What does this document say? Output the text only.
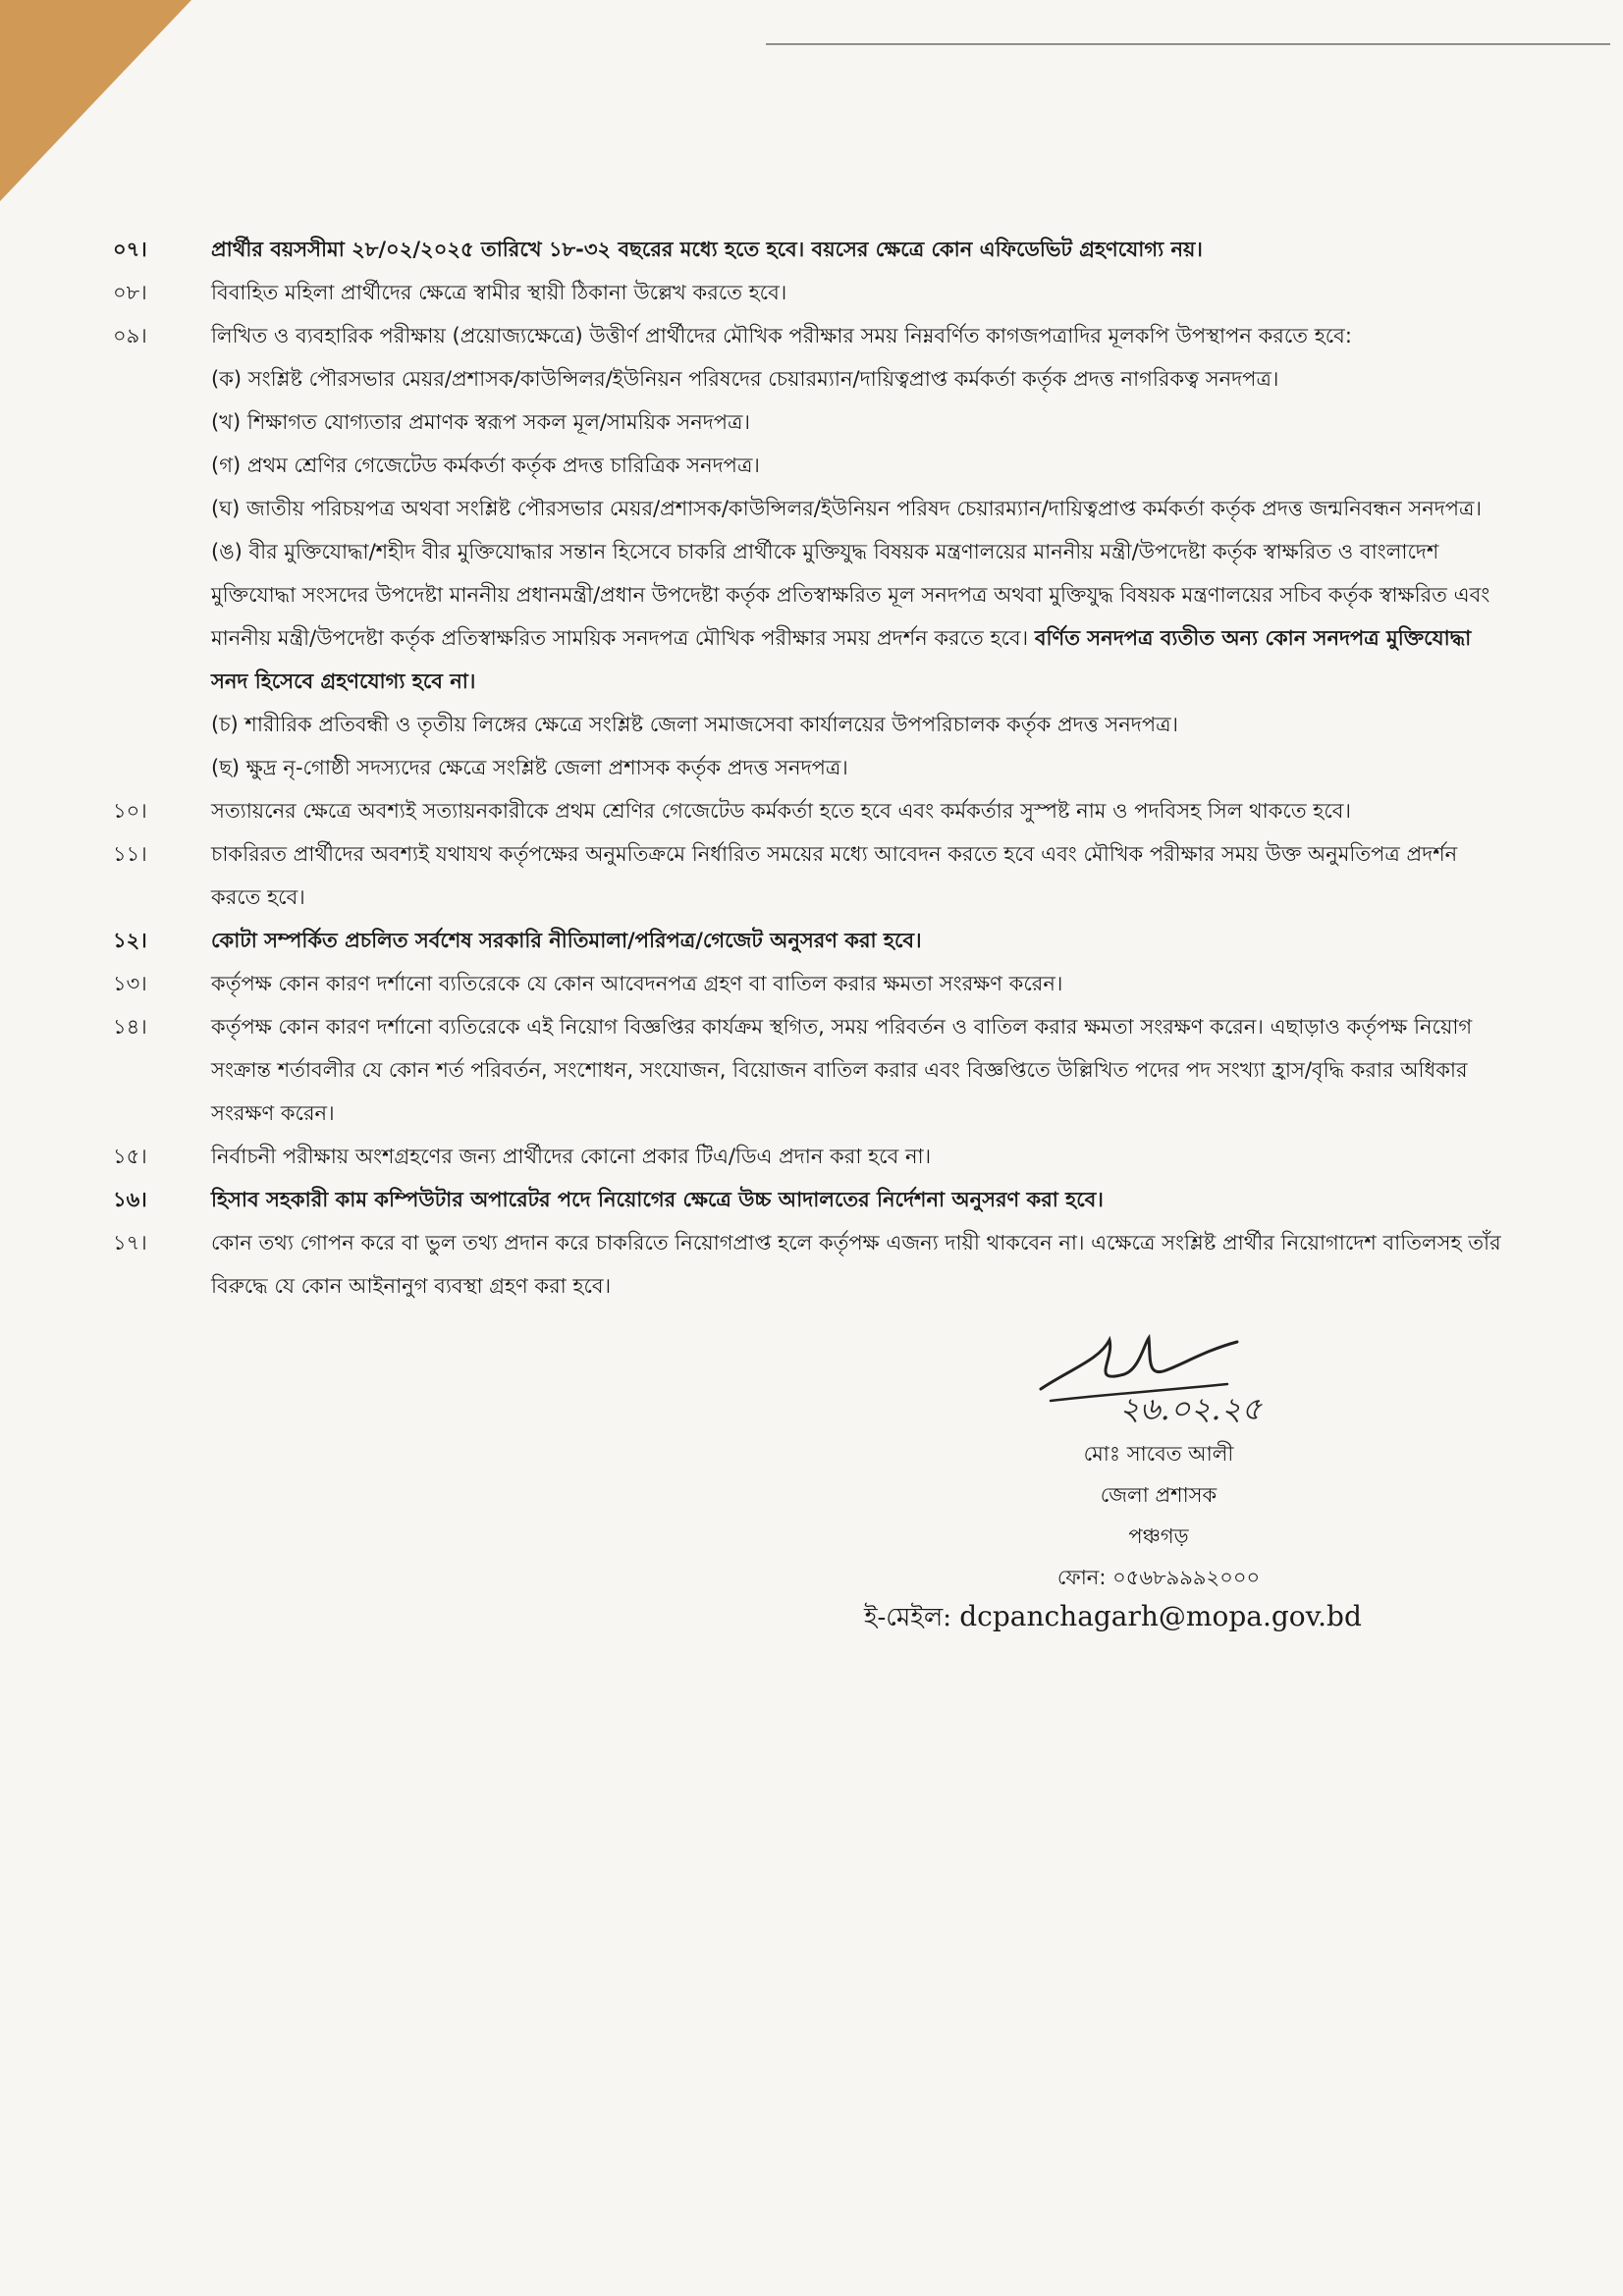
০৭।	প্রার্থীর বয়সসীমা ২৮/০২/২০২৫ তারিখে ১৮-৩২ বছরের মধ্যে হতে হবে। বয়সের ক্ষেত্রে কোন এফিডেভিট গ্রহণযোগ্য নয়।
০৮।	বিবাহিত মহিলা প্রার্থীদের ক্ষেত্রে স্বামীর স্থায়ী ঠিকানা উল্লেখ করতে হবে।
০৯।	লিখিত ও ব্যবহারিক পরীক্ষায় (প্রয়োজ্যক্ষেত্রে) উত্তীর্ণ প্রার্থীদের মৌখিক পরীক্ষার সময় নিম্নবর্ণিত কাগজপত্রাদির মূলকপি উপস্থাপন করতে হবে:
(ক) সংশ্লিষ্ট পৌরসভার মেয়র/প্রশাসক/কাউন্সিলর/ইউনিয়ন পরিষদের চেয়ারম্যান/দায়িত্বপ্রাপ্ত কর্মকর্তা কর্তৃক প্রদত্ত নাগরিকত্ব সনদপত্র।
(খ) শিক্ষাগত যোগ্যতার প্রমাণক স্বরূপ সকল মূল/সাময়িক সনদপত্র।
(গ) প্রথম শ্রেণির গেজেটেড কর্মকর্তা কর্তৃক প্রদত্ত চারিত্রিক সনদপত্র।
(ঘ) জাতীয় পরিচয়পত্র অথবা সংশ্লিষ্ট পৌরসভার মেয়র/প্রশাসক/কাউন্সিলর/ইউনিয়ন পরিষদ চেয়ারম্যান/দায়িত্বপ্রাপ্ত কর্মকর্তা কর্তৃক প্রদত্ত জন্মনিবন্ধন সনদপত্র।
(ঙ) বীর মুক্তিযোদ্ধা/শহীদ বীর মুক্তিযোদ্ধার সন্তান হিসেবে চাকরি প্রার্থীকে মুক্তিযুদ্ধ বিষয়ক মন্ত্রণালয়ের মাননীয় মন্ত্রী/উপদেষ্টা কর্তৃক স্বাক্ষরিত ও বাংলাদেশ মুক্তিযোদ্ধা সংসদের উপদেষ্টা মাননীয় প্রধানমন্ত্রী/প্রধান উপদেষ্টা কর্তৃক প্রতিস্বাক্ষরিত মূল সনদপত্র অথবা মুক্তিযুদ্ধ বিষয়ক মন্ত্রণালয়ের সচিব কর্তৃক স্বাক্ষরিত এবং মাননীয় মন্ত্রী/উপদেষ্টা কর্তৃক প্রতিস্বাক্ষরিত সাময়িক সনদপত্র মৌখিক পরীক্ষার সময় প্রদর্শন করতে হবে। বর্ণিত সনদপত্র ব্যতীত অন্য কোন সনদপত্র মুক্তিযোদ্ধা সনদ হিসেবে গ্রহণযোগ্য হবে না।
(চ) শারীরিক প্রতিবন্ধী ও তৃতীয় লিঙ্গের ক্ষেত্রে সংশ্লিষ্ট জেলা সমাজসেবা কার্যালয়ের উপপরিচালক কর্তৃক প্রদত্ত সনদপত্র।
(ছ) ক্ষুদ্র নৃ-গোষ্ঠী সদস্যদের ক্ষেত্রে সংশ্লিষ্ট জেলা প্রশাসক কর্তৃক প্রদত্ত সনদপত্র।
১০।	সত্যায়নের ক্ষেত্রে অবশ্যই সত্যায়নকারীকে প্রথম শ্রেণির গেজেটেড কর্মকর্তা হতে হবে এবং কর্মকর্তার সুস্পষ্ট নাম ও পদবিসহ সিল থাকতে হবে।
১১।	চাকরিরত প্রার্থীদের অবশ্যই যথাযথ কর্তৃপক্ষের অনুমতিক্রমে নির্ধারিত সময়ের মধ্যে আবেদন করতে হবে এবং মৌখিক পরীক্ষার সময় উক্ত অনুমতিপত্র প্রদর্শন করতে হবে।
১২।	কোটা সম্পর্কিত প্রচলিত সর্বশেষ সরকারি নীতিমালা/পরিপত্র/গেজেট অনুসরণ করা হবে।
১৩।	কর্তৃপক্ষ কোন কারণ দর্শানো ব্যতিরেকে যে কোন আবেদনপত্র গ্রহণ বা বাতিল করার ক্ষমতা সংরক্ষণ করেন।
১৪।	কর্তৃপক্ষ কোন কারণ দর্শানো ব্যতিরেকে এই নিয়োগ বিজ্ঞপ্তির কার্যক্রম স্থগিত, সময় পরিবর্তন ও বাতিল করার ক্ষমতা সংরক্ষণ করেন। এছাড়াও কর্তৃপক্ষ নিয়োগ সংক্রান্ত শর্তাবলীর যে কোন শর্ত পরিবর্তন, সংশোধন, সংযোজন, বিয়োজন বাতিল করার এবং বিজ্ঞপ্তিতে উল্লিখিত পদের পদ সংখ্যা হ্রাস/বৃদ্ধি করার অধিকার সংরক্ষণ করেন।
১৫।	নির্বাচনী পরীক্ষায় অংশগ্রহণের জন্য প্রার্থীদের কোনো প্রকার টিএ/ডিএ প্রদান করা হবে না।
১৬।	হিসাব সহকারী কাম কম্পিউটার অপারেটর পদে নিয়োগের ক্ষেত্রে উচ্চ আদালতের নির্দেশনা অনুসরণ করা হবে।
১৭।	কোন তথ্য গোপন করে বা ভুল তথ্য প্রদান করে চাকরিতে নিয়োগপ্রাপ্ত হলে কর্তৃপক্ষ এজন্য দায়ী থাকবেন না। এক্ষেত্রে সংশ্লিষ্ট প্রার্থীর নিয়োগাদেশ বাতিলসহ তাঁর বিরুদ্ধে যে কোন আইনানুগ ব্যবস্থা গ্রহণ করা হবে।
২৬.০২.২৫
মোঃ সাবেত আলী
জেলা প্রশাসক
পঞ্চগড়
ফোন: ০৫৬৮৯৯৯২০০০
ই-মেইল: dcpanchagarh@mopa.gov.bd
